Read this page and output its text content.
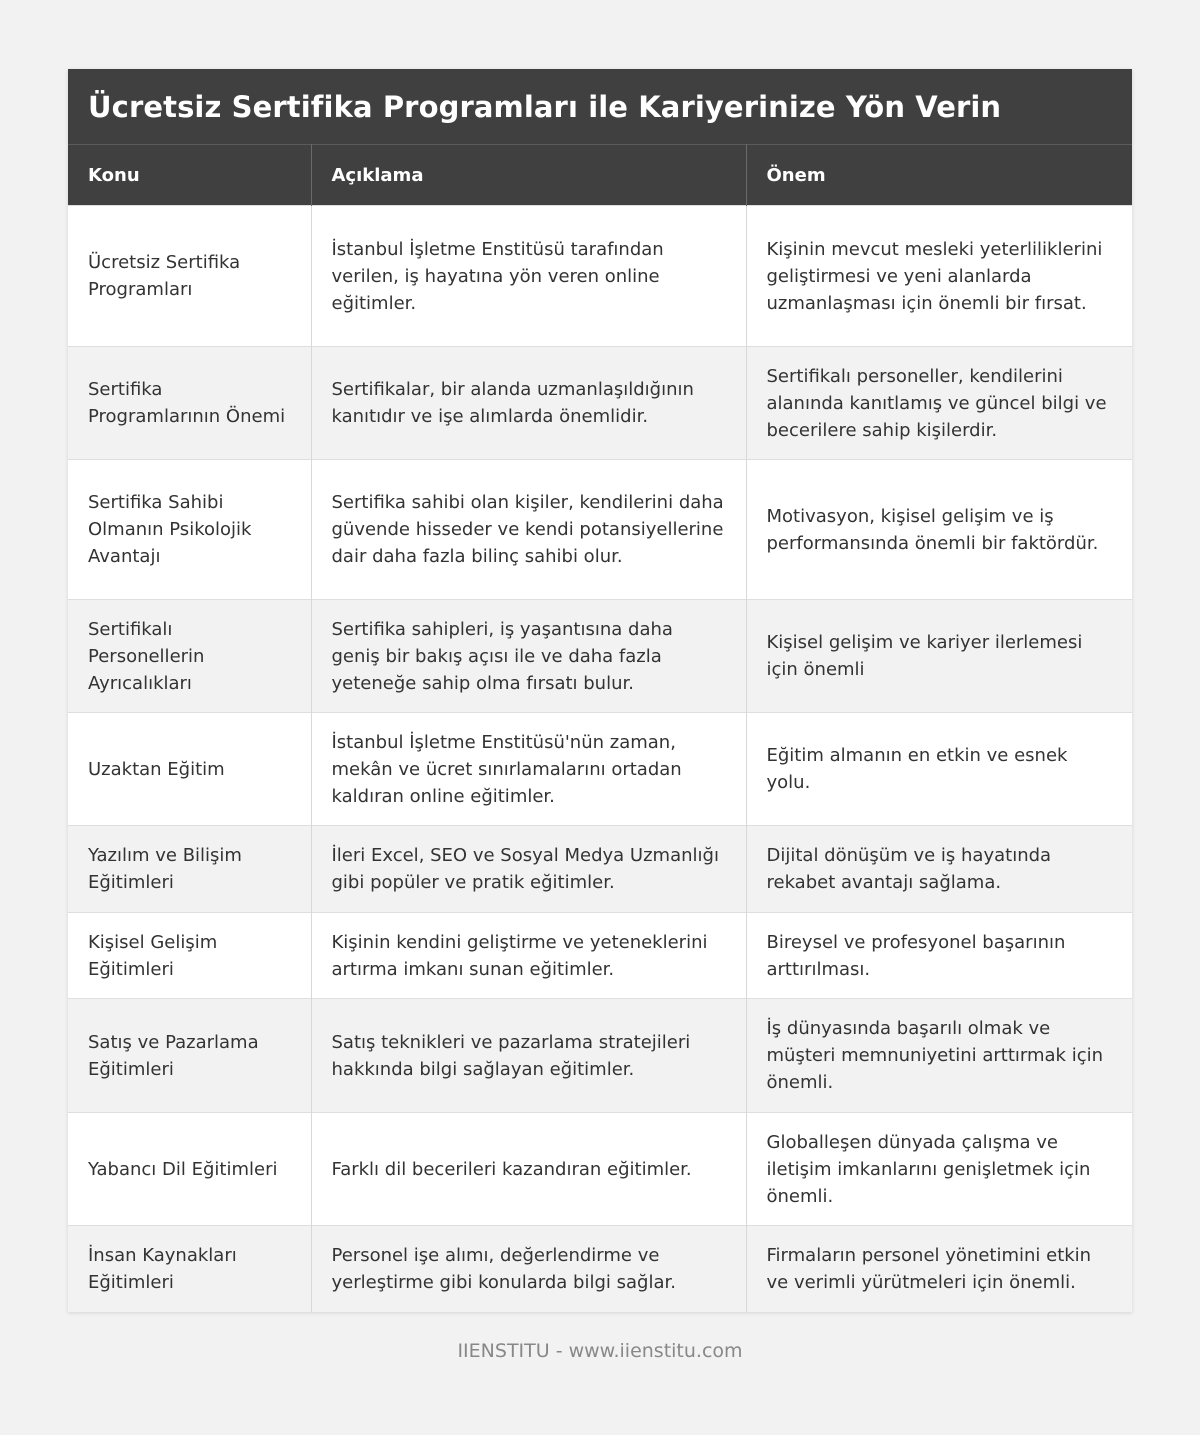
Ücretsiz Sertifika Programları ile Kariyerinize Yön Verin
Konu	Açıklama	Önem
Ücretsiz Sertifika Programları	İstanbul İşletme Enstitüsü tarafından verilen, iş hayatına yön veren online eğitimler.	Kişinin mevcut mesleki yeterliliklerini geliştirmesi ve yeni alanlarda uzmanlaşması için önemli bir fırsat.
Sertifika Programlarının Önemi	Sertifikalar, bir alanda uzmanlaşıldığının kanıtıdır ve işe alımlarda önemlidir.	Sertifikalı personeller, kendilerini alanında kanıtlamış ve güncel bilgi ve becerilere sahip kişilerdir.
Sertifika Sahibi Olmanın Psikolojik Avantajı	Sertifika sahibi olan kişiler, kendilerini daha güvende hisseder ve kendi potansiyellerine dair daha fazla bilinç sahibi olur.	Motivasyon, kişisel gelişim ve iş performansında önemli bir faktördür.
Sertifikalı Personellerin Ayrıcalıkları	Sertifika sahipleri, iş yaşantısına daha geniş bir bakış açısı ile ve daha fazla yeteneğe sahip olma fırsatı bulur.	Kişisel gelişim ve kariyer ilerlemesi için önemli
Uzaktan Eğitim	İstanbul İşletme Enstitüsü'nün zaman, mekân ve ücret sınırlamalarını ortadan kaldıran online eğitimler.	Eğitim almanın en etkin ve esnek yolu.
Yazılım ve Bilişim Eğitimleri	İleri Excel, SEO ve Sosyal Medya Uzmanlığı gibi popüler ve pratik eğitimler.	Dijital dönüşüm ve iş hayatında rekabet avantajı sağlama.
Kişisel Gelişim Eğitimleri	Kişinin kendini geliştirme ve yeteneklerini artırma imkanı sunan eğitimler.	Bireysel ve profesyonel başarının arttırılması.
Satış ve Pazarlama Eğitimleri	Satış teknikleri ve pazarlama stratejileri hakkında bilgi sağlayan eğitimler.	İş dünyasında başarılı olmak ve müşteri memnuniyetini arttırmak için önemli.
Yabancı Dil Eğitimleri	Farklı dil becerileri kazandıran eğitimler.	Globalleşen dünyada çalışma ve iletişim imkanlarını genişletmek için önemli.
İnsan Kaynakları Eğitimleri	Personel işe alımı, değerlendirme ve yerleştirme gibi konularda bilgi sağlar.	Firmaların personel yönetimini etkin ve verimli yürütmeleri için önemli.
IIENSTITU - www.iienstitu.com
